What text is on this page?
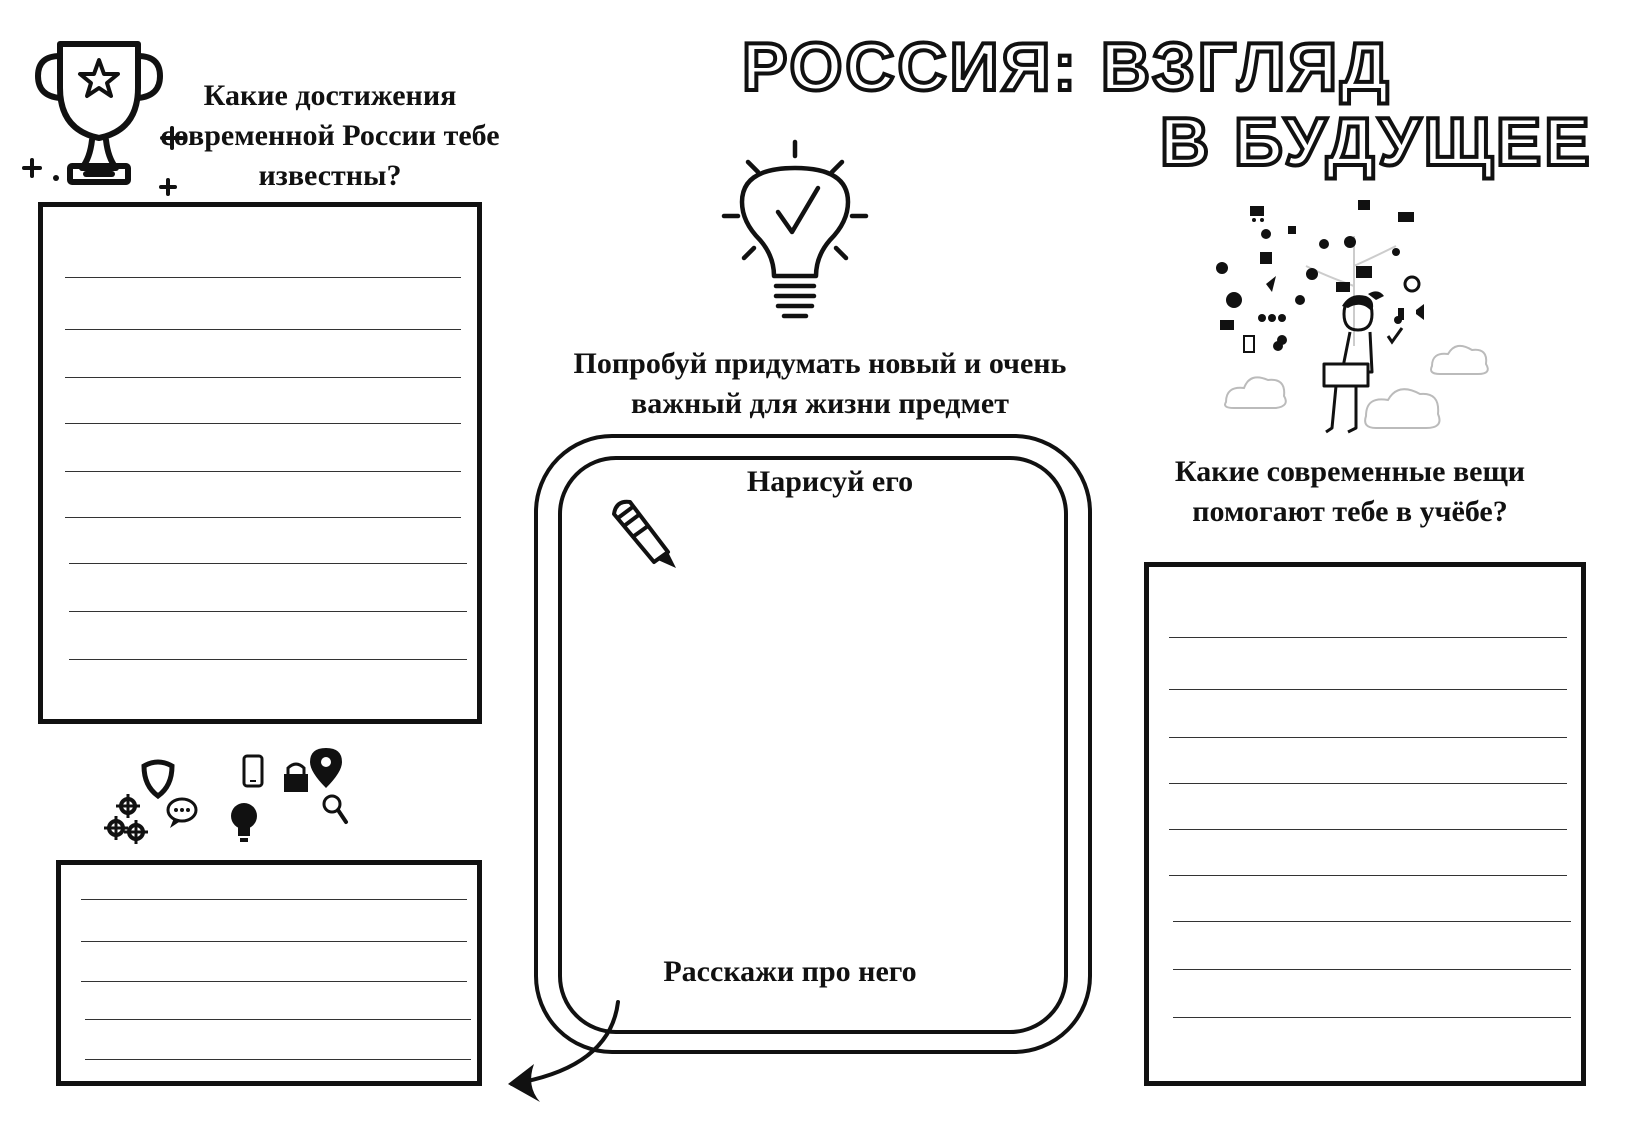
РОССИЯ: ВЗГЛЯД
В БУДУЩЕЕ
Какие достижения современной России тебе известны?
Попробуй придумать новый и очень важный для жизни предмет
Нарисуй его
Расскажи про него
Какие современные вещи помогают тебе в учёбе?
